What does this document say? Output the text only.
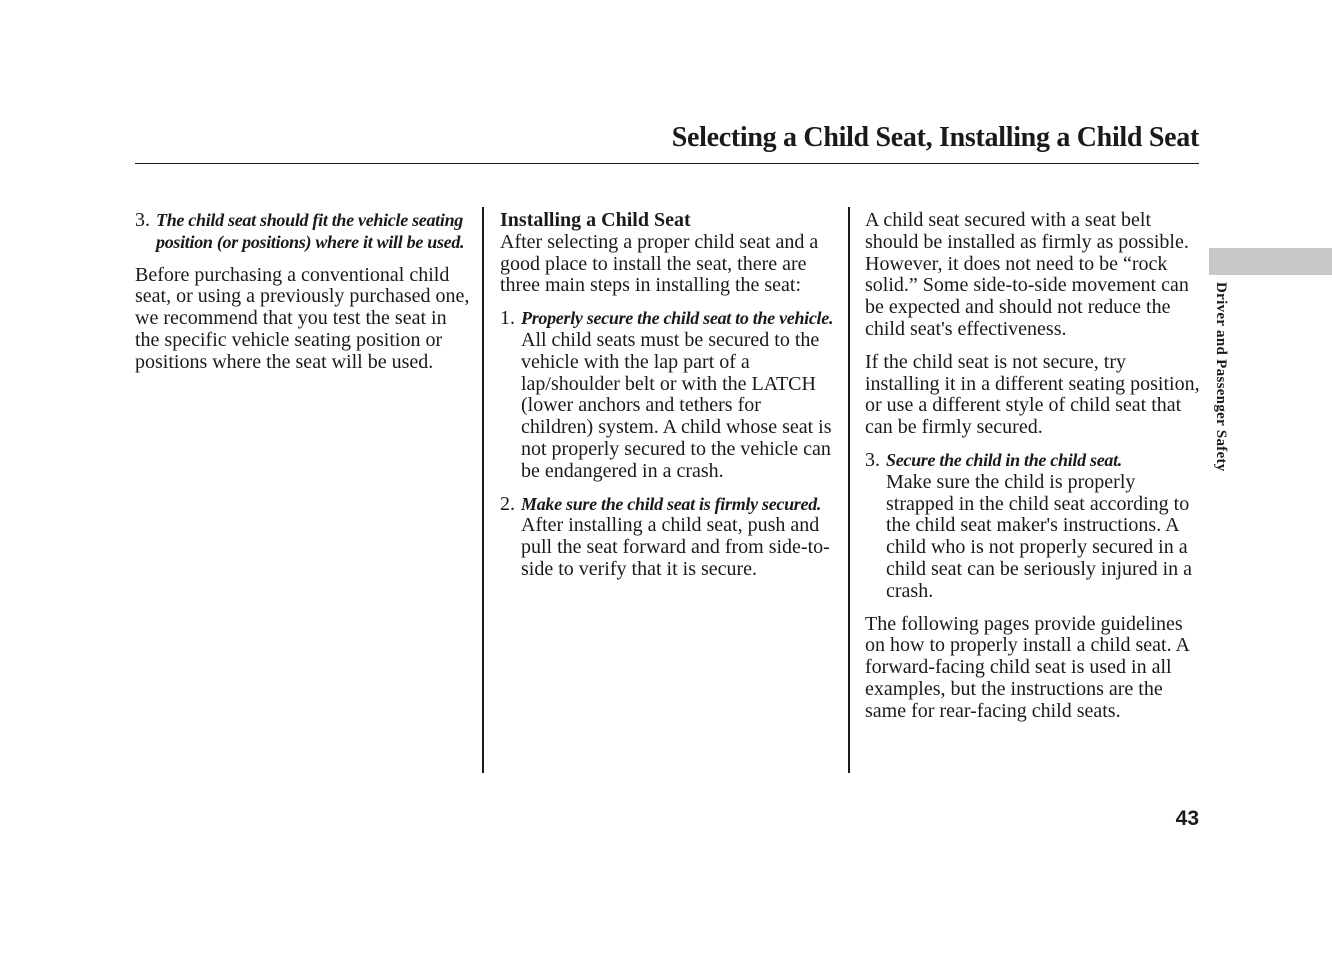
Selecting a Child Seat, Installing a Child Seat
3. The child seat should fit the vehicle seating position (or positions) where it will be used.

Before purchasing a conventional child seat, or using a previously purchased one, we recommend that you test the seat in the specific vehicle seating position or positions where the seat will be used.

Installing a Child Seat
After selecting a proper child seat and a good place to install the seat, there are three main steps in installing the seat:

1. Properly secure the child seat to the vehicle. All child seats must be secured to the vehicle with the lap part of a lap/shoulder belt or with the LATCH (lower anchors and tethers for children) system. A child whose seat is not properly secured to the vehicle can be endangered in a crash.
2. Make sure the child seat is firmly secured. After installing a child seat, push and pull the seat forward and from side-to-side to verify that it is secure.

A child seat secured with a seat belt should be installed as firmly as possible. However, it does not need to be “rock solid.” Some side-to-side movement can be expected and should not reduce the child seat's effectiveness.

If the child seat is not secure, try installing it in a different seating position, or use a different style of child seat that can be firmly secured.

3. Secure the child in the child seat.
Make sure the child is properly strapped in the child seat according to the child seat maker's instructions. A child who is not properly secured in a child seat can be seriously injured in a crash.

The following pages provide guidelines on how to properly install a child seat. A forward-facing child seat is used in all examples, but the instructions are the same for rear-facing child seats.

Driver and Passenger Safety
43
